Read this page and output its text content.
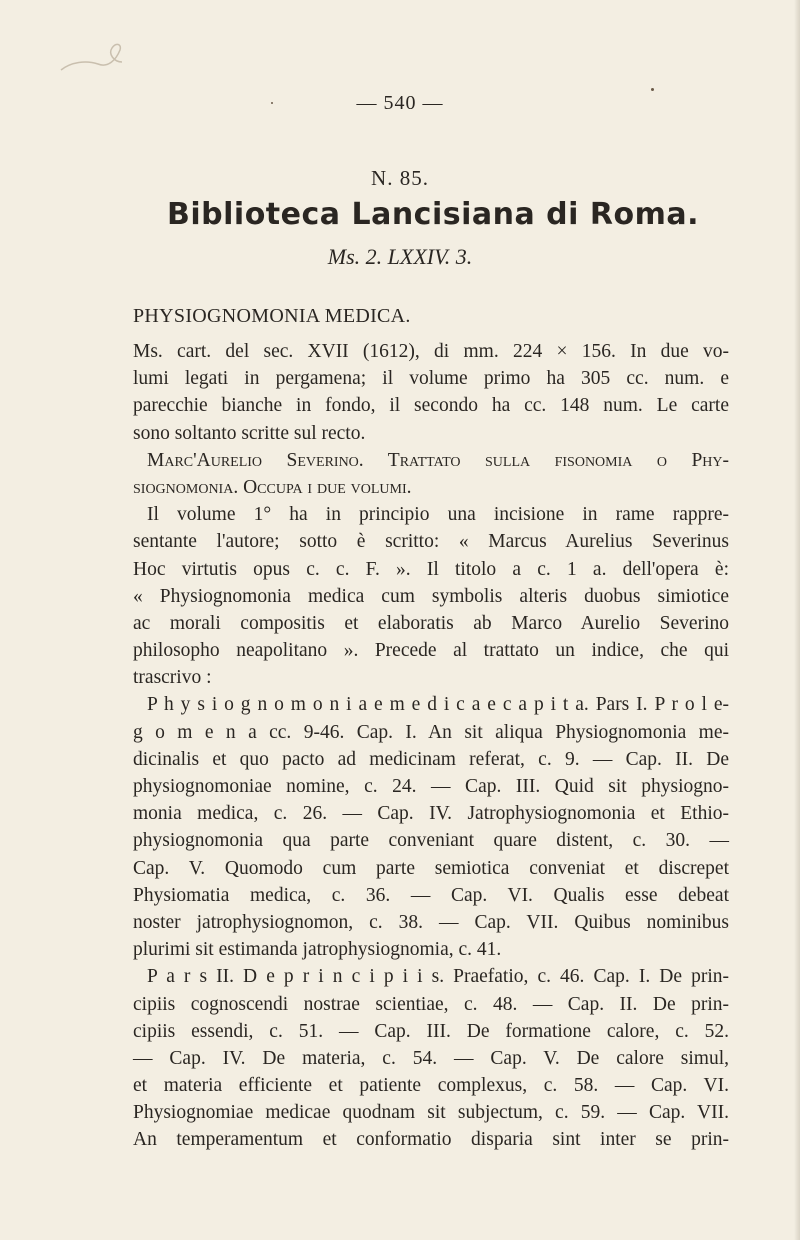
— 540 —
N. 85.
Biblioteca Lancisiana di Roma.
Ms. 2. LXXIV. 3.
PHYSIOGNOMONIA MEDICA.
Ms. cart. del sec. XVII (1612), di mm. 224 × 156. In due vo-
lumi legati in pergamena; il volume primo ha 305 cc. num. e
parecchie bianche in fondo, il secondo ha cc. 148 num. Le carte
sono soltanto scritte sul recto.
Marc'Aurelio Severino. Trattato sulla fisonomia o Phy-
siognomonia. Occupa i due volumi.
Il volume 1° ha in principio una incisione in rame rappre-
sentante l'autore; sotto è scritto: « Marcus Aurelius Severinus
Hoc virtutis opus c. c. F. ». Il titolo a c. 1 a. dell'opera è:
« Physiognomonia medica cum symbolis alteris duobus simiotice
ac morali compositis et elaboratis ab Marco Aurelio Severino
philosopho neapolitano ». Precede al trattato un indice, che qui
trascrivo :
P h y s i o g n o m o n i a e m e d i c a e c a p i t a. Pars I. P r o l e-
g o m e n a cc. 9-46. Cap. I. An sit aliqua Physiognomonia me-
dicinalis et quo pacto ad medicinam referat, c. 9. — Cap. II. De
physiognomoniae nomine, c. 24. — Cap. III. Quid sit physiogno-
monia medica, c. 26. — Cap. IV. Jatrophysiognomonia et Ethio-
physiognomonia qua parte conveniant quare distent, c. 30. —
Cap. V. Quomodo cum parte semiotica conveniat et discrepet
Physiomatia medica, c. 36. — Cap. VI. Qualis esse debeat
noster jatrophysiognomon, c. 38. — Cap. VII. Quibus nominibus
plurimi sit estimanda jatrophysiognomia, c. 41.
P a r s II. D e p r i n c i p i i s. Praefatio, c. 46. Cap. I. De prin-
cipiis cognoscendi nostrae scientiae, c. 48. — Cap. II. De prin-
cipiis essendi, c. 51. — Cap. III. De formatione calore, c. 52.
— Cap. IV. De materia, c. 54. — Cap. V. De calore simul,
et materia efficiente et patiente complexus, c. 58. — Cap. VI.
Physiognomiae medicae quodnam sit subjectum, c. 59. — Cap. VII.
An temperamentum et conformatio disparia sint inter se prin-
